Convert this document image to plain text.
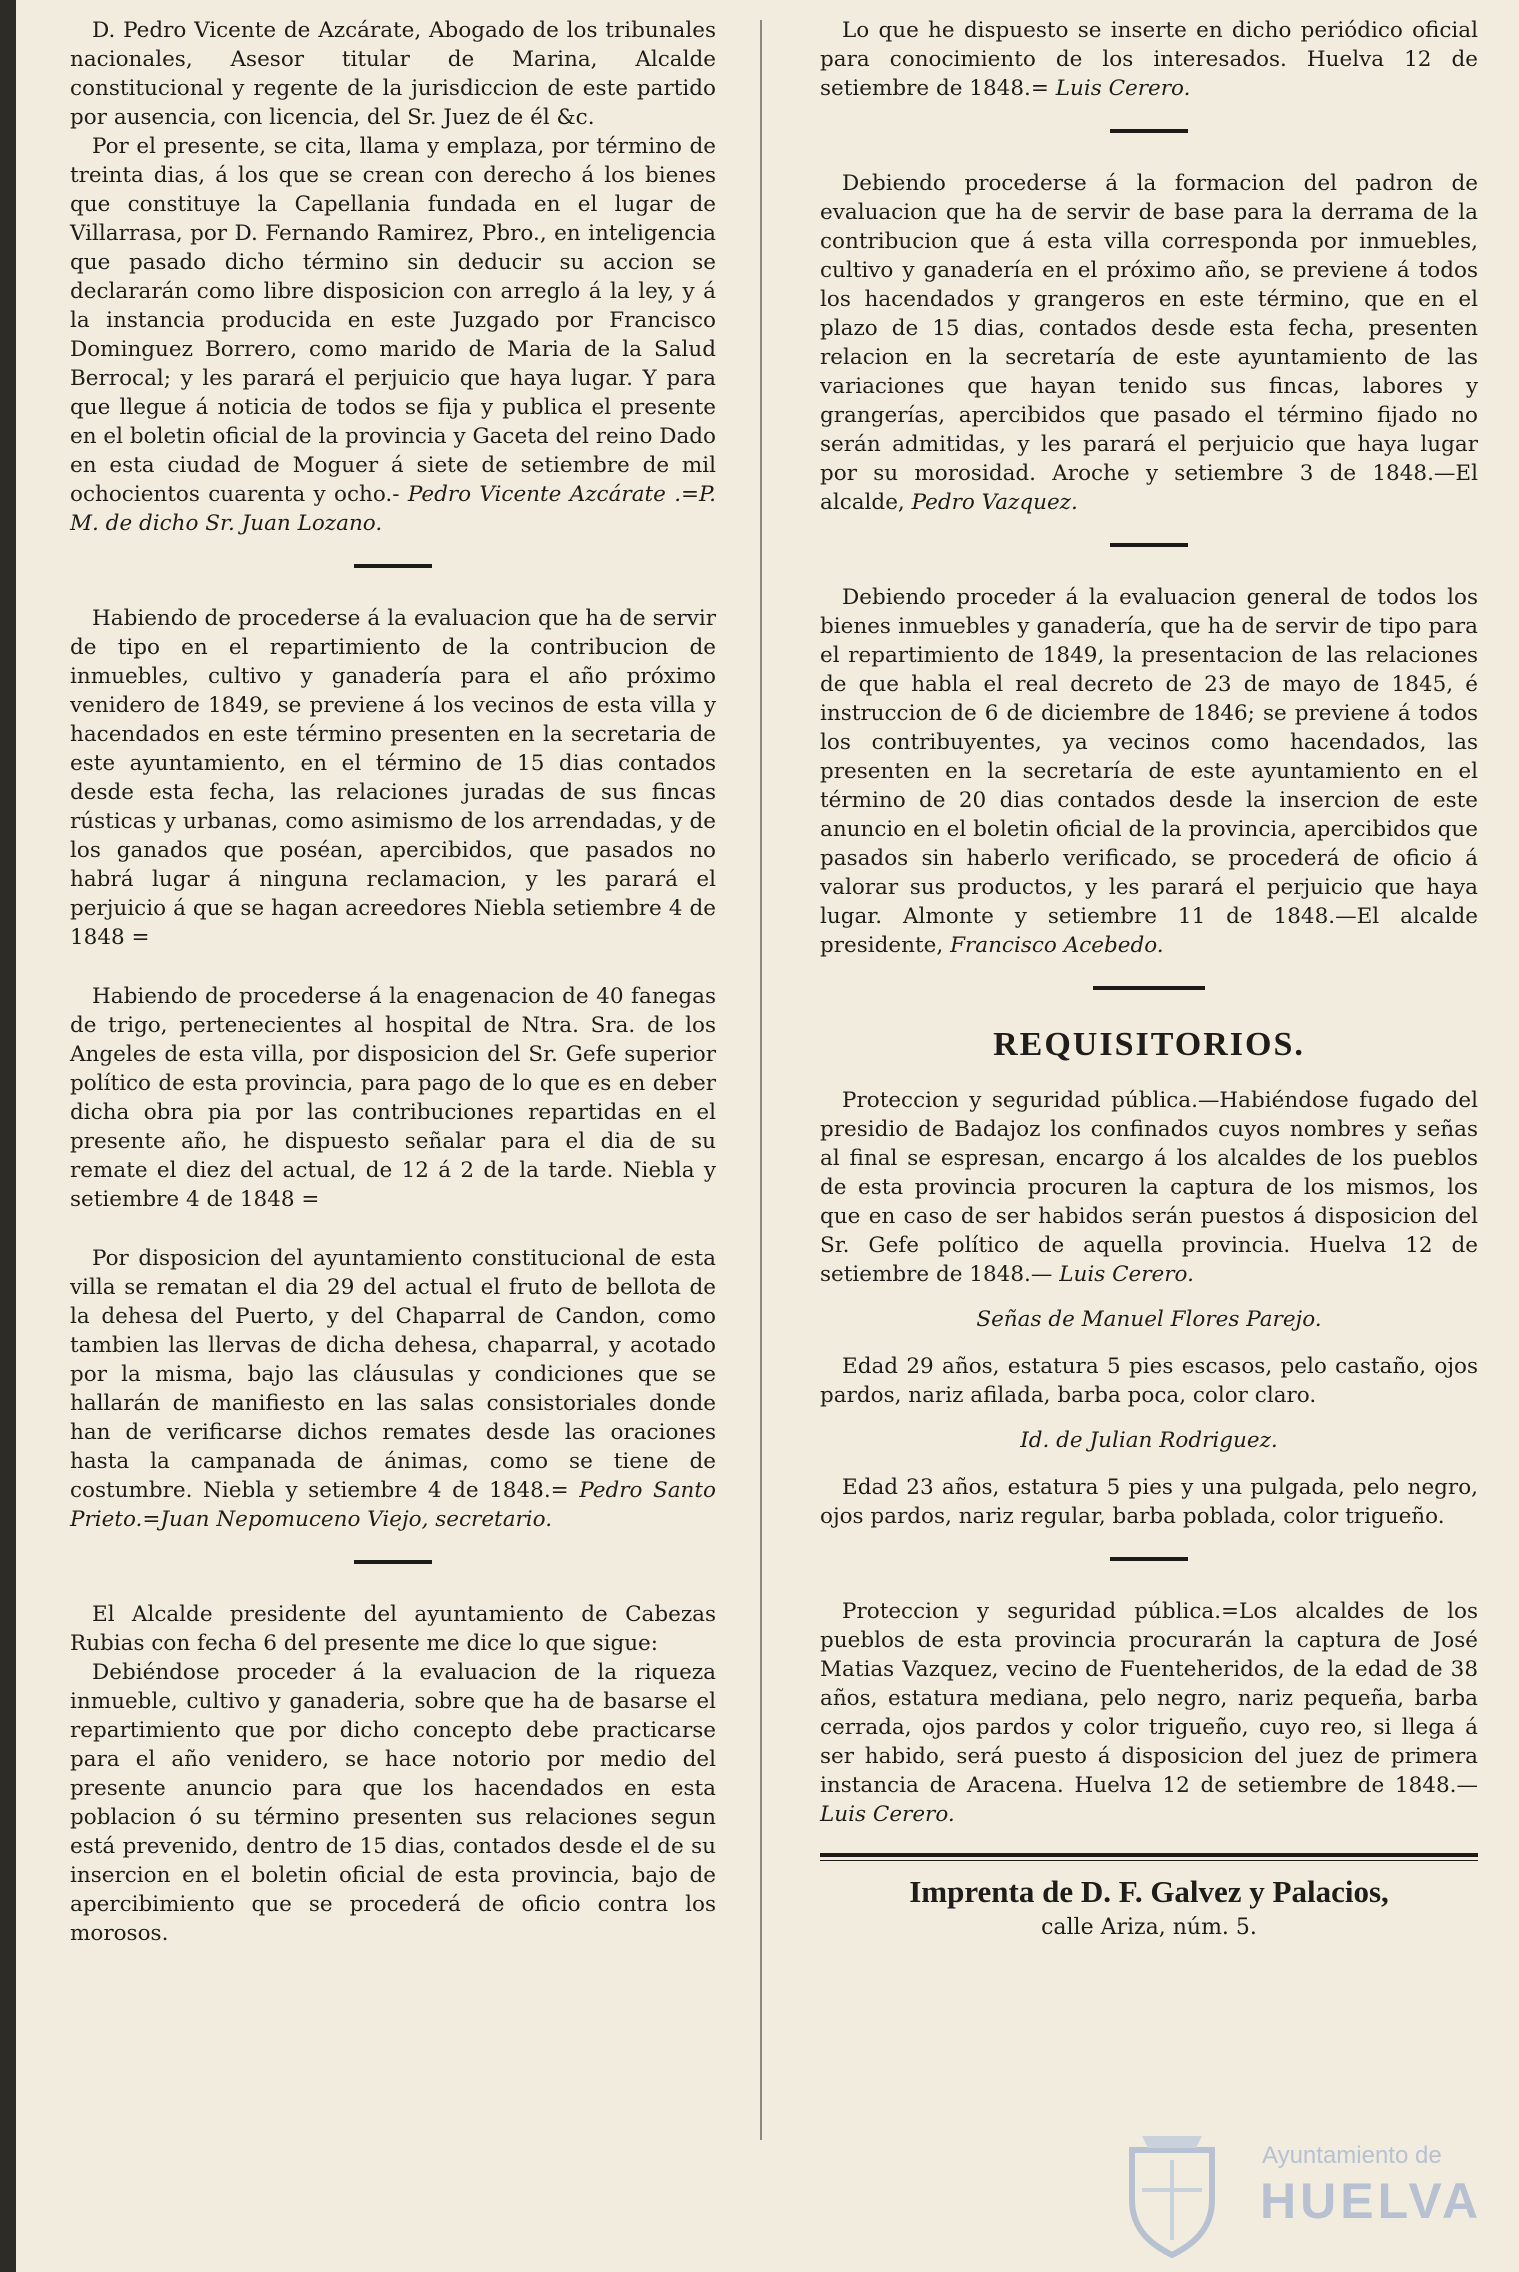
D. Pedro Vicente de Azcárate, Abogado de los tribunales nacionales, Asesor titular de Marina, Alcalde constitucional y regente de la jurisdiccion de este partido por ausencia, con licencia, del Sr. Juez de él &c.

Por el presente, se cita, llama y emplaza, por término de treinta dias, á los que se crean con derecho á los bienes que constituye la Capellania fundada en el lugar de Villarrasa, por D. Fernando Ramirez, Pbro., en inteligencia que pasado dicho término sin deducir su accion se declararán como libre disposicion con arreglo á la ley, y á la instancia producida en este Juzgado por Francisco Dominguez Borrero, como marido de Maria de la Salud Berrocal; y les parará el perjuicio que haya lugar. Y para que llegue á noticia de todos se fija y publica el presente en el boletin oficial de la provincia y Gaceta del reino Dado en esta ciudad de Moguer á siete de setiembre de mil ochocientos cuarenta y ocho.- Pedro Vicente Azcárate .=P. M. de dicho Sr. Juan Lozano.

Habiendo de procederse á la evaluacion que ha de servir de tipo en el repartimiento de la contribucion de inmuebles, cultivo y ganadería para el año próximo venidero de 1849, se previene á los vecinos de esta villa y hacendados en este término presenten en la secretaria de este ayuntamiento, en el término de 15 dias contados desde esta fecha, las relaciones juradas de sus fincas rústicas y urbanas, como asimismo de los arrendadas, y de los ganados que poséan, apercibidos, que pasados no habrá lugar á ninguna reclamacion, y les parará el perjuicio á que se hagan acreedores Niebla setiembre 4 de 1848 =

Habiendo de procederse á la enagenacion de 40 fanegas de trigo, pertenecientes al hospital de Ntra. Sra. de los Angeles de esta villa, por disposicion del Sr. Gefe superior político de esta provincia, para pago de lo que es en deber dicha obra pia por las contribuciones repartidas en el presente año, he dispuesto señalar para el dia de su remate el diez del actual, de 12 á 2 de la tarde. Niebla y setiembre 4 de 1848 =

Por disposicion del ayuntamiento constitucional de esta villa se rematan el dia 29 del actual el fruto de bellota de la dehesa del Puerto, y del Chaparral de Candon, como tambien las llervas de dicha dehesa, chaparral, y acotado por la misma, bajo las cláusulas y condiciones que se hallarán de manifiesto en las salas consistoriales donde han de verificarse dichos remates desde las oraciones hasta la campanada de ánimas, como se tiene de costumbre. Niebla y setiembre 4 de 1848.= Pedro Santo Prieto.=Juan Nepomuceno Viejo, secretario.

El Alcalde presidente del ayuntamiento de Cabezas Rubias con fecha 6 del presente me dice lo que sigue:

Debiéndose proceder á la evaluacion de la riqueza inmueble, cultivo y ganaderia, sobre que ha de basarse el repartimiento que por dicho concepto debe practicarse para el año venidero, se hace notorio por medio del presente anuncio para que los hacendados en esta poblacion ó su término presenten sus relaciones segun está prevenido, dentro de 15 dias, contados desde el de su insercion en el boletin oficial de esta provincia, bajo de apercibimiento que se procederá de oficio contra los morosos.

Lo que he dispuesto se inserte en dicho periódico oficial para conocimiento de los interesados. Huelva 12 de setiembre de 1848.= Luis Cerero.

Debiendo procederse á la formacion del padron de evaluacion que ha de servir de base para la derrama de la contribucion que á esta villa corresponda por inmuebles, cultivo y ganadería en el próximo año, se previene á todos los hacendados y grangeros en este término, que en el plazo de 15 dias, contados desde esta fecha, presenten relacion en la secretaría de este ayuntamiento de las variaciones que hayan tenido sus fincas, labores y grangerías, apercibidos que pasado el término fijado no serán admitidas, y les parará el perjuicio que haya lugar por su morosidad. Aroche y setiembre 3 de 1848.—El alcalde, Pedro Vazquez.

Debiendo proceder á la evaluacion general de todos los bienes inmuebles y ganadería, que ha de servir de tipo para el repartimiento de 1849, la presentacion de las relaciones de que habla el real decreto de 23 de mayo de 1845, é instruccion de 6 de diciembre de 1846; se previene á todos los contribuyentes, ya vecinos como hacendados, las presenten en la secretaría de este ayuntamiento en el término de 20 dias contados desde la insercion de este anuncio en el boletin oficial de la provincia, apercibidos que pasados sin haberlo verificado, se procederá de oficio á valorar sus productos, y les parará el perjuicio que haya lugar. Almonte y setiembre 11 de 1848.—El alcalde presidente, Francisco Acebedo.

REQUISITORIOS.

Proteccion y seguridad pública.—Habiéndose fugado del presidio de Badajoz los confinados cuyos nombres y señas al final se espresan, encargo á los alcaldes de los pueblos de esta provincia procuren la captura de los mismos, los que en caso de ser habidos serán puestos á disposicion del Sr. Gefe político de aquella provincia. Huelva 12 de setiembre de 1848.— Luis Cerero.

Señas de Manuel Flores Parejo.

Edad 29 años, estatura 5 pies escasos, pelo castaño, ojos pardos, nariz afilada, barba poca, color claro.

Id. de Julian Rodriguez.

Edad 23 años, estatura 5 pies y una pulgada, pelo negro, ojos pardos, nariz regular, barba poblada, color trigueño.

Proteccion y seguridad pública.=Los alcaldes de los pueblos de esta provincia procurarán la captura de José Matias Vazquez, vecino de Fuenteheridos, de la edad de 38 años, estatura mediana, pelo negro, nariz pequeña, barba cerrada, ojos pardos y color trigueño, cuyo reo, si llega á ser habido, será puesto á disposicion del juez de primera instancia de Aracena. Huelva 12 de setiembre de 1848.— Luis Cerero.

Imprenta de D. F. Galvez y Palacios,
calle Ariza, núm. 5.
Ayuntamiento de
HUELVA
